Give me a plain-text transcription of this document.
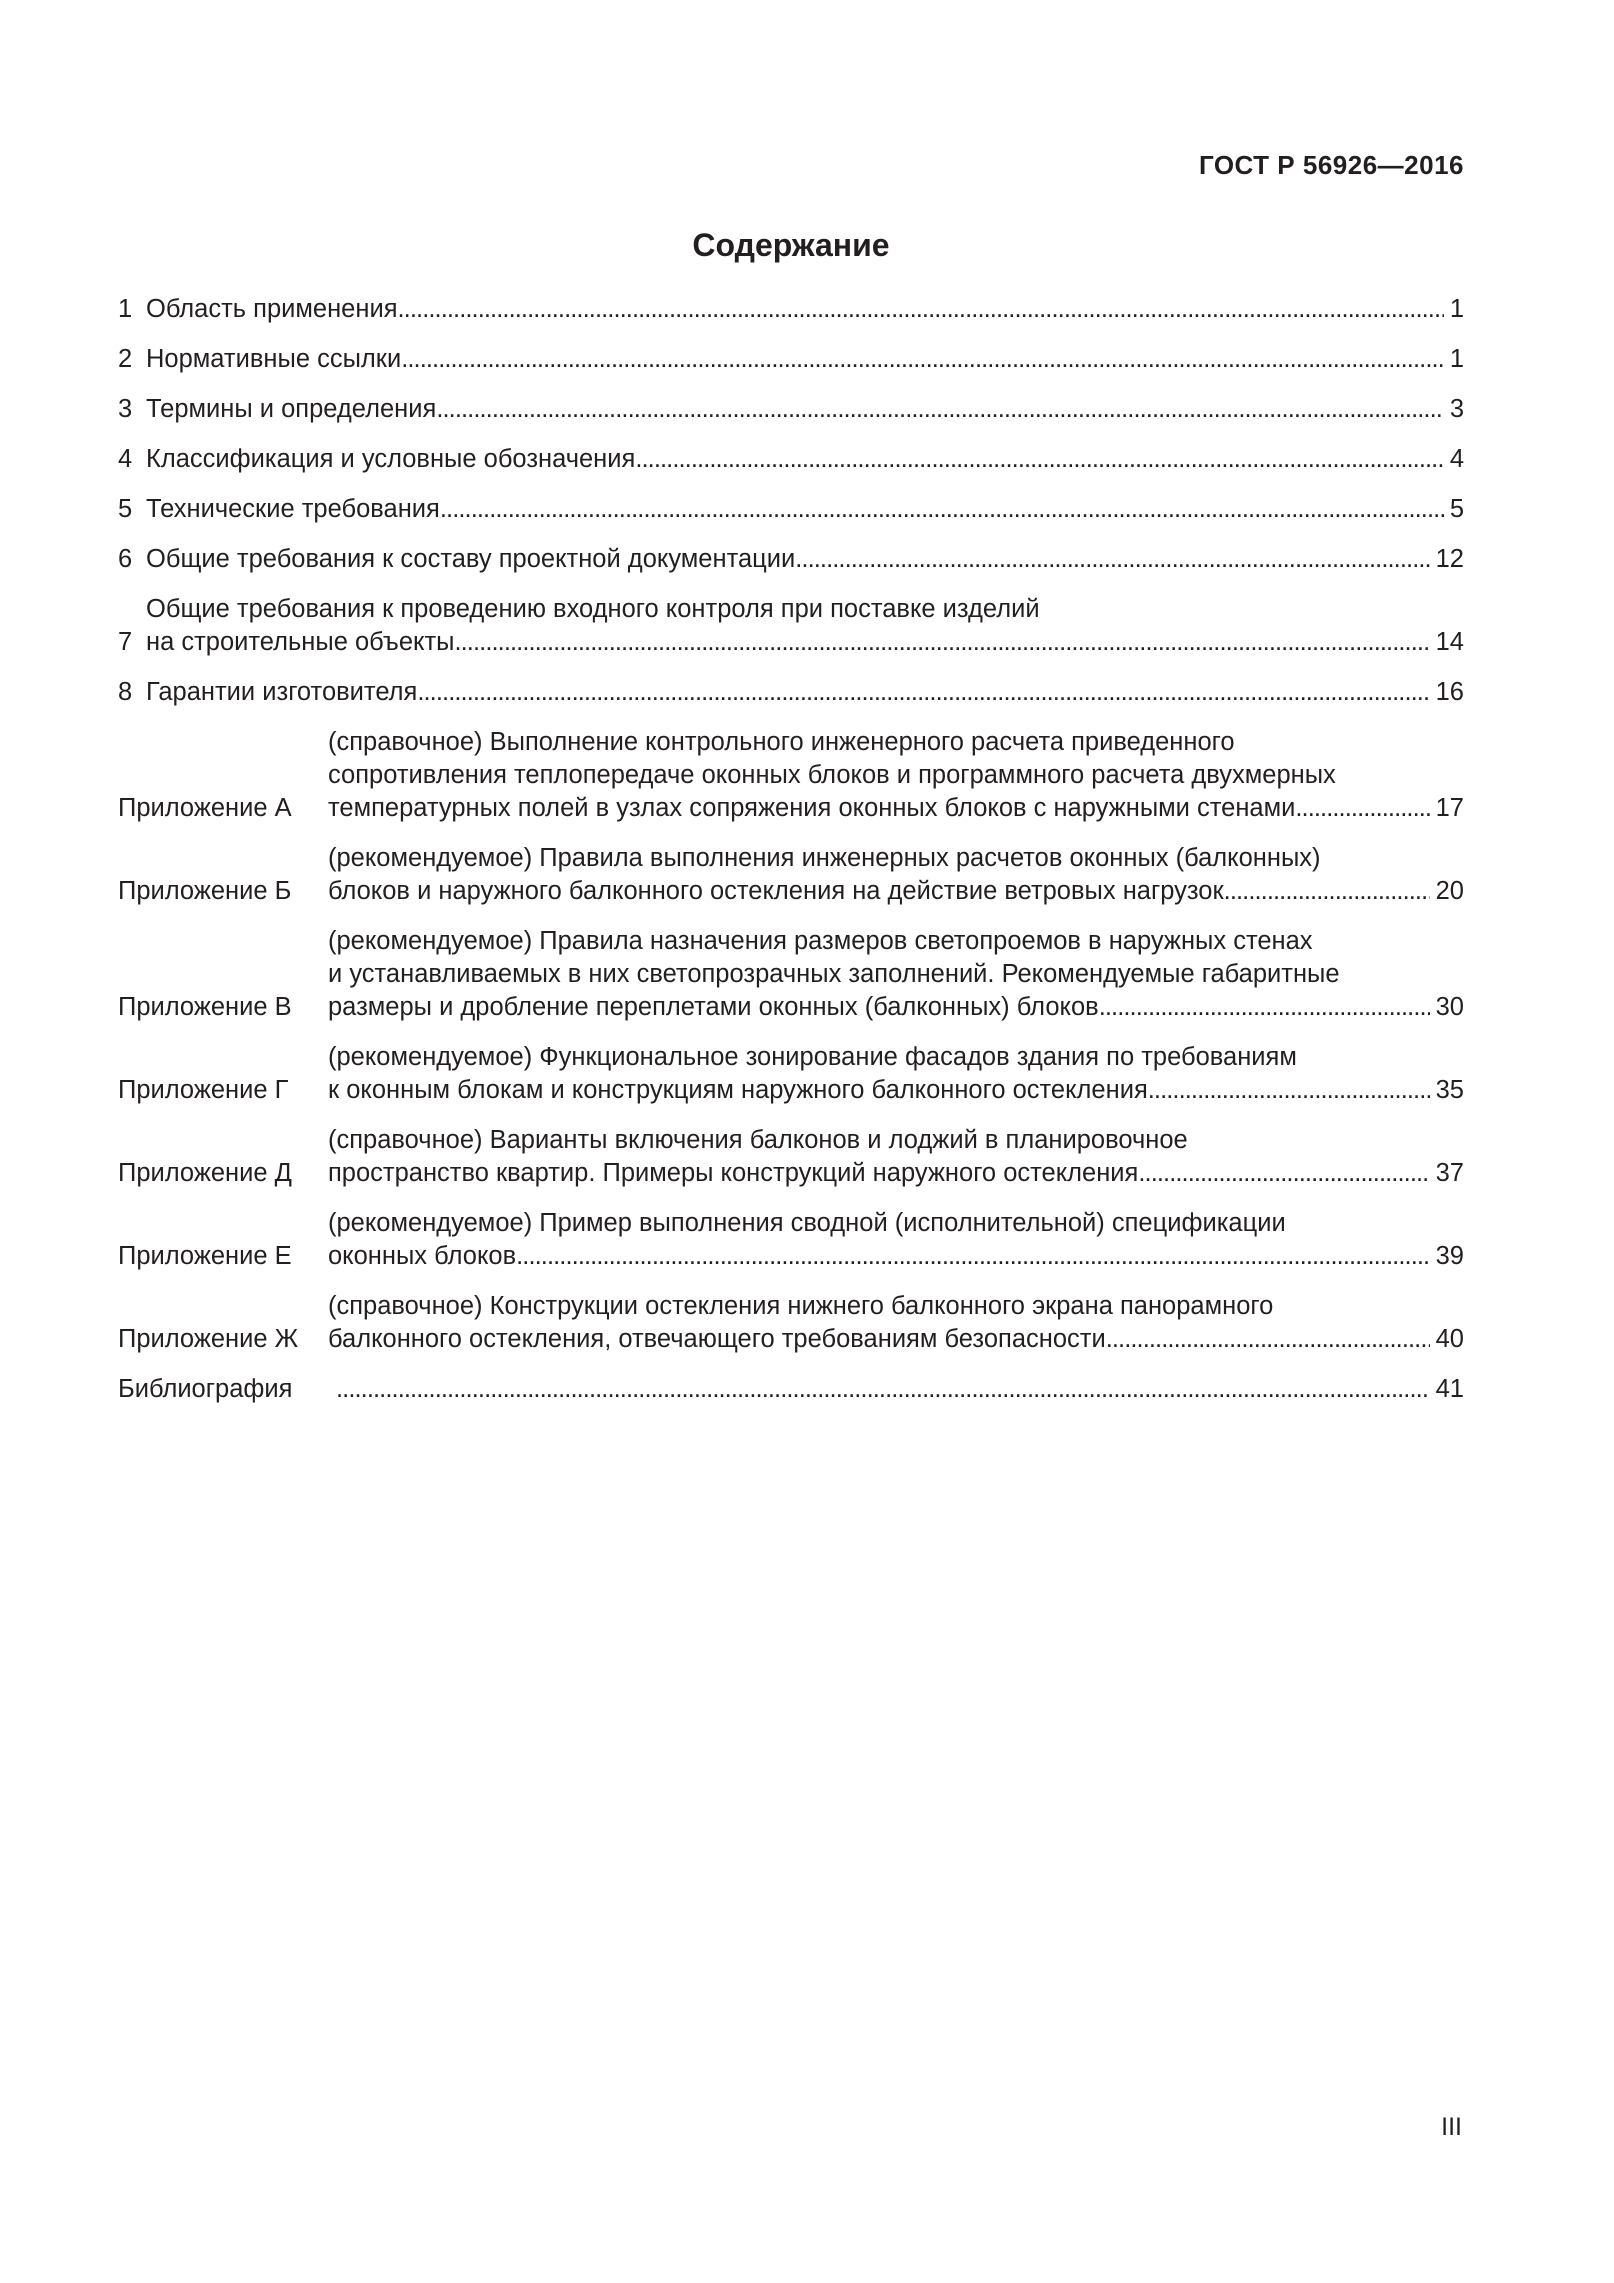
ГОСТ Р 56926—2016
Содержание
1 Область применения . . .	1
2 Нормативные ссылки . . .	1
3 Термины и определения . . .	3
4 Классификация и условные обозначения . . .	4
5 Технические требования . . .	5
6 Общие требования к составу проектной документации . . .	12
7
Общие требования к проведению входного контроля при поставке изделий
на строительные объекты . . .	14
8 Гарантии изготовителя . . .	16
Приложение А
(справочное) Выполнение контрольного инженерного расчета приведенного
сопротивления теплопередаче оконных блоков и программного расчета двухмерных
температурных полей в узлах сопряжения оконных блоков с наружными стенами . . .	17
Приложение Б
(рекомендуемое) Правила выполнения инженерных расчетов оконных (балконных)
блоков и наружного балконного остекления на действие ветровых нагрузок . . .	20
Приложение В
(рекомендуемое) Правила назначения размеров светопроемов в наружных стенах
и устанавливаемых в них светопрозрачных заполнений. Рекомендуемые габаритные
размеры и дробление переплетами оконных (балконных) блоков . . .	30
Приложение Г
(рекомендуемое) Функциональное зонирование фасадов здания по требованиям
к оконным блокам и конструкциям наружного балконного остекления . . .	35
Приложение Д
(справочное) Варианты включения балконов и лоджий в планировочное
пространство квартир. Примеры конструкций наружного остекления . . .	37
Приложение Е
(рекомендуемое) Пример выполнения сводной (исполнительной) спецификации
оконных блоков . . .	39
Приложение Ж
(справочное) Конструкции остекления нижнего балконного экрана панорамного
балконного остекления, отвечающего требованиям безопасности . . .	40
Библиография . . .	41
III
